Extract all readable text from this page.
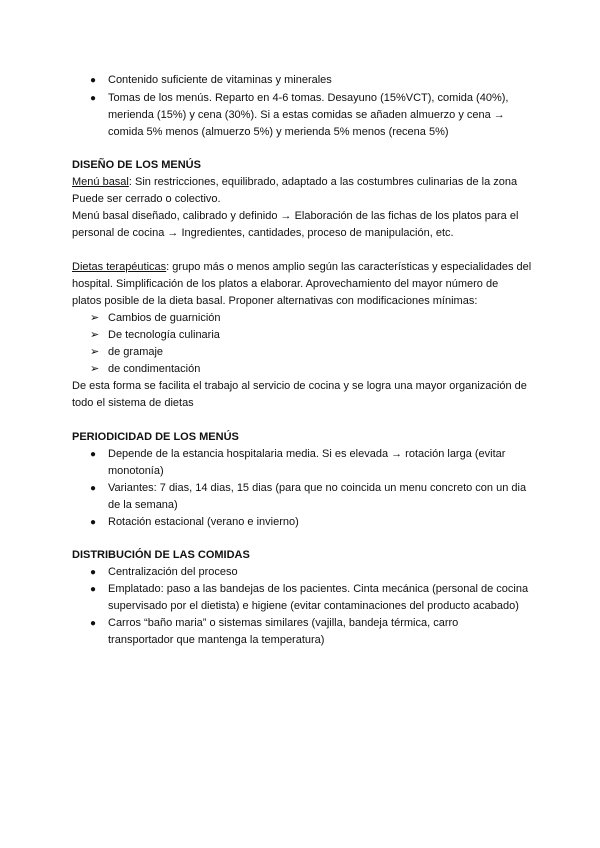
● Contenido suficiente de vitaminas y minerales
● Tomas de los menús. Reparto en 4-6 tomas. Desayuno (15%VCT), comida (40%),
merienda (15%) y cena (30%). Si a estas comidas se añaden almuerzo y cena →
comida 5% menos (almuerzo 5%) y merienda 5% menos (recena 5%)
DISEÑO DE LOS MENÚS
Menú basal: Sin restricciones, equilibrado, adaptado a las costumbres culinarias de la zona
Puede ser cerrado o colectivo.
Menú basal diseñado, calibrado y definido → Elaboración de las fichas de los platos para el
personal de cocina → Ingredientes, cantidades, proceso de manipulación, etc.
Dietas terapéuticas: grupo más o menos amplio según las características y especialidades del
hospital. Simplificación de los platos a elaborar. Aprovechamiento del mayor número de
platos posible de la dieta basal. Proponer alternativas con modificaciones mínimas:
➢ Cambios de guarnición
➢ De tecnología culinaria
➢ de gramaje
➢ de condimentación
De esta forma se facilita el trabajo al servicio de cocina y se logra una mayor organización de
todo el sistema de dietas
PERIODICIDAD DE LOS MENÚS
● Depende de la estancia hospitalaria media. Si es elevada → rotación larga (evitar
monotonía)
● Variantes: 7 dias, 14 dias, 15 dias (para que no coincida un menu concreto con un dia
de la semana)
● Rotación estacional (verano e invierno)
DISTRIBUCIÓN DE LAS COMIDAS
● Centralización del proceso
● Emplatado: paso a las bandejas de los pacientes. Cinta mecánica (personal de cocina
supervisado por el dietista) e higiene (evitar contaminaciones del producto acabado)
● Carros “baño maria” o sistemas similares (vajilla, bandeja térmica, carro
transportador que mantenga la temperatura)
